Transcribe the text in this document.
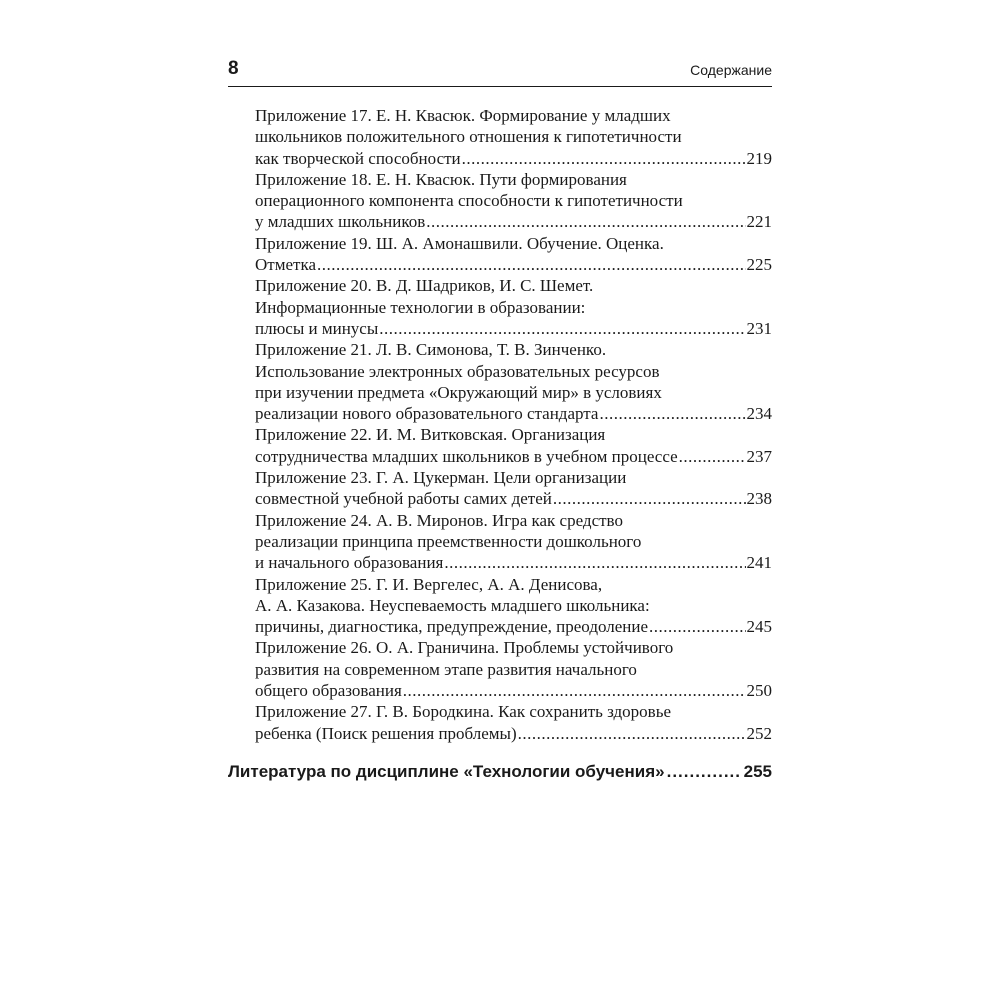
8	Содержание
Приложение 17. Е. Н. Квасюк. Формирование у младших
школьников положительного отношения к гипотетичности
как творческой способности .....	219
Приложение 18. Е. Н. Квасюк. Пути формирования
операционного компонента способности к гипотетичности
у младших школьников .....	221
Приложение 19. Ш. А. Амонашвили. Обучение. Оценка.
Отметка .....	225
Приложение 20. В. Д. Шадриков, И. С. Шемет.
Информационные технологии в образовании:
плюсы и минусы .....	231
Приложение 21. Л. В. Симонова, Т. В. Зинченко.
Использование электронных образовательных ресурсов
при изучении предмета «Окружающий мир» в условиях
реализации нового образовательного стандарта .....	234
Приложение 22. И. М. Витковская. Организация
сотрудничества младших школьников в учебном процессе .....	237
Приложение 23. Г. А. Цукерман. Цели организации
совместной учебной работы самих детей .....	238
Приложение 24. А. В. Миронов. Игра как средство
реализации принципа преемственности дошкольного
и начального образования .....	241
Приложение 25. Г. И. Вергелес, А. А. Денисова,
А. А. Казакова. Неуспеваемость младшего школьника:
причины, диагностика, предупреждение, преодоление .....	245
Приложение 26. О. А. Граничина. Проблемы устойчивого
развития на современном этапе развития начального
общего образования .....	250
Приложение 27. Г. В. Бородкина. Как сохранить здоровье
ребенка (Поиск решения проблемы) .....	252
Литература по дисциплине «Технологии обучения» .....	255
